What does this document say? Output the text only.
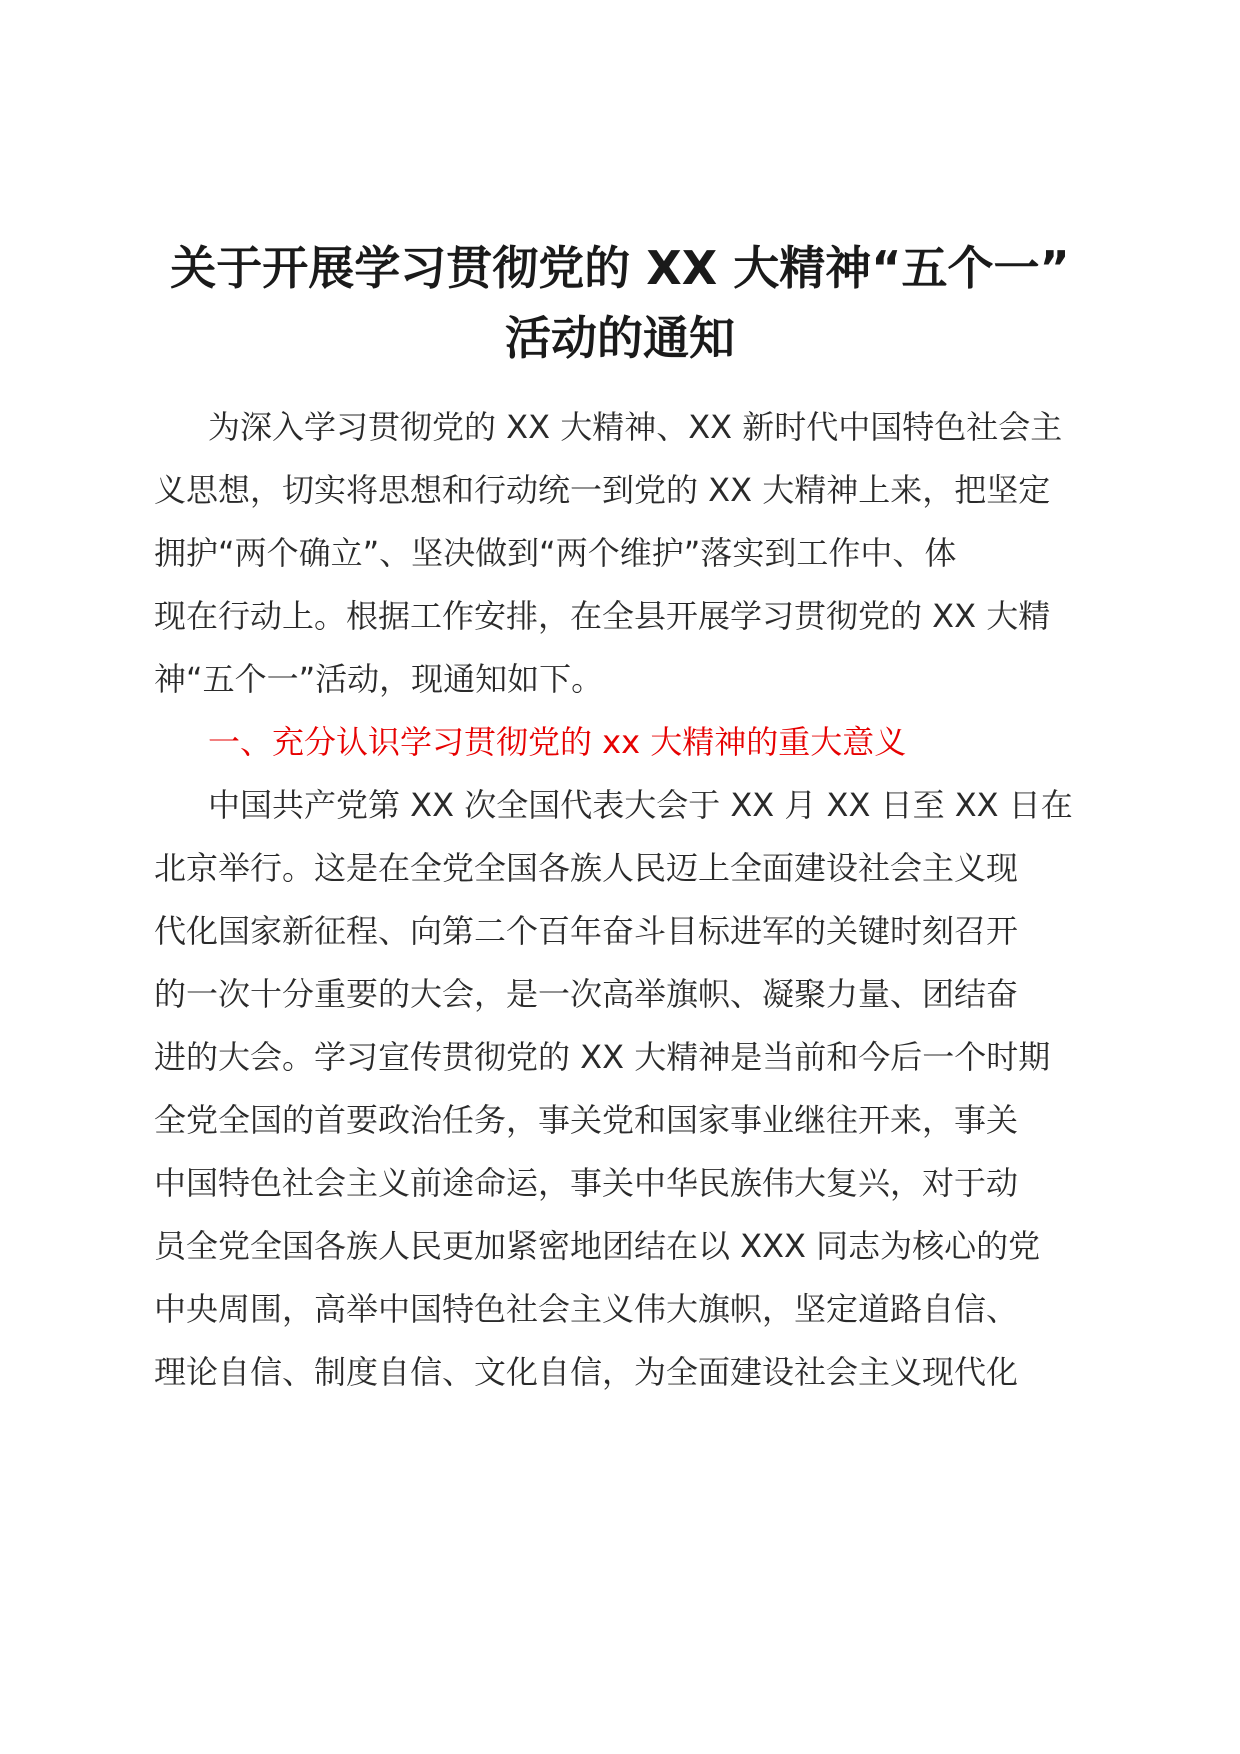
关于开展学习贯彻党的 XX 大精神“五个一”
活动的通知
为深入学习贯彻党的 XX 大精神、XX 新时代中国特色社会主
义思想，切实将思想和行动统一到党的 XX 大精神上来，把坚定
拥护“两个确立”、坚决做到“两个维护”落实到工作中、体
现在行动上。根据工作安排，在全县开展学习贯彻党的 XX 大精
神“五个一”活动，现通知如下。
一、充分认识学习贯彻党的 xx 大精神的重大意义
中国共产党第 XX 次全国代表大会于 XX 月 XX 日至 XX 日在
北京举行。这是在全党全国各族人民迈上全面建设社会主义现
代化国家新征程、向第二个百年奋斗目标进军的关键时刻召开
的一次十分重要的大会，是一次高举旗帜、凝聚力量、团结奋
进的大会。学习宣传贯彻党的 XX 大精神是当前和今后一个时期
全党全国的首要政治任务，事关党和国家事业继往开来，事关
中国特色社会主义前途命运，事关中华民族伟大复兴，对于动
员全党全国各族人民更加紧密地团结在以 XXX 同志为核心的党
中央周围，高举中国特色社会主义伟大旗帜，坚定道路自信、
理论自信、制度自信、文化自信，为全面建设社会主义现代化
